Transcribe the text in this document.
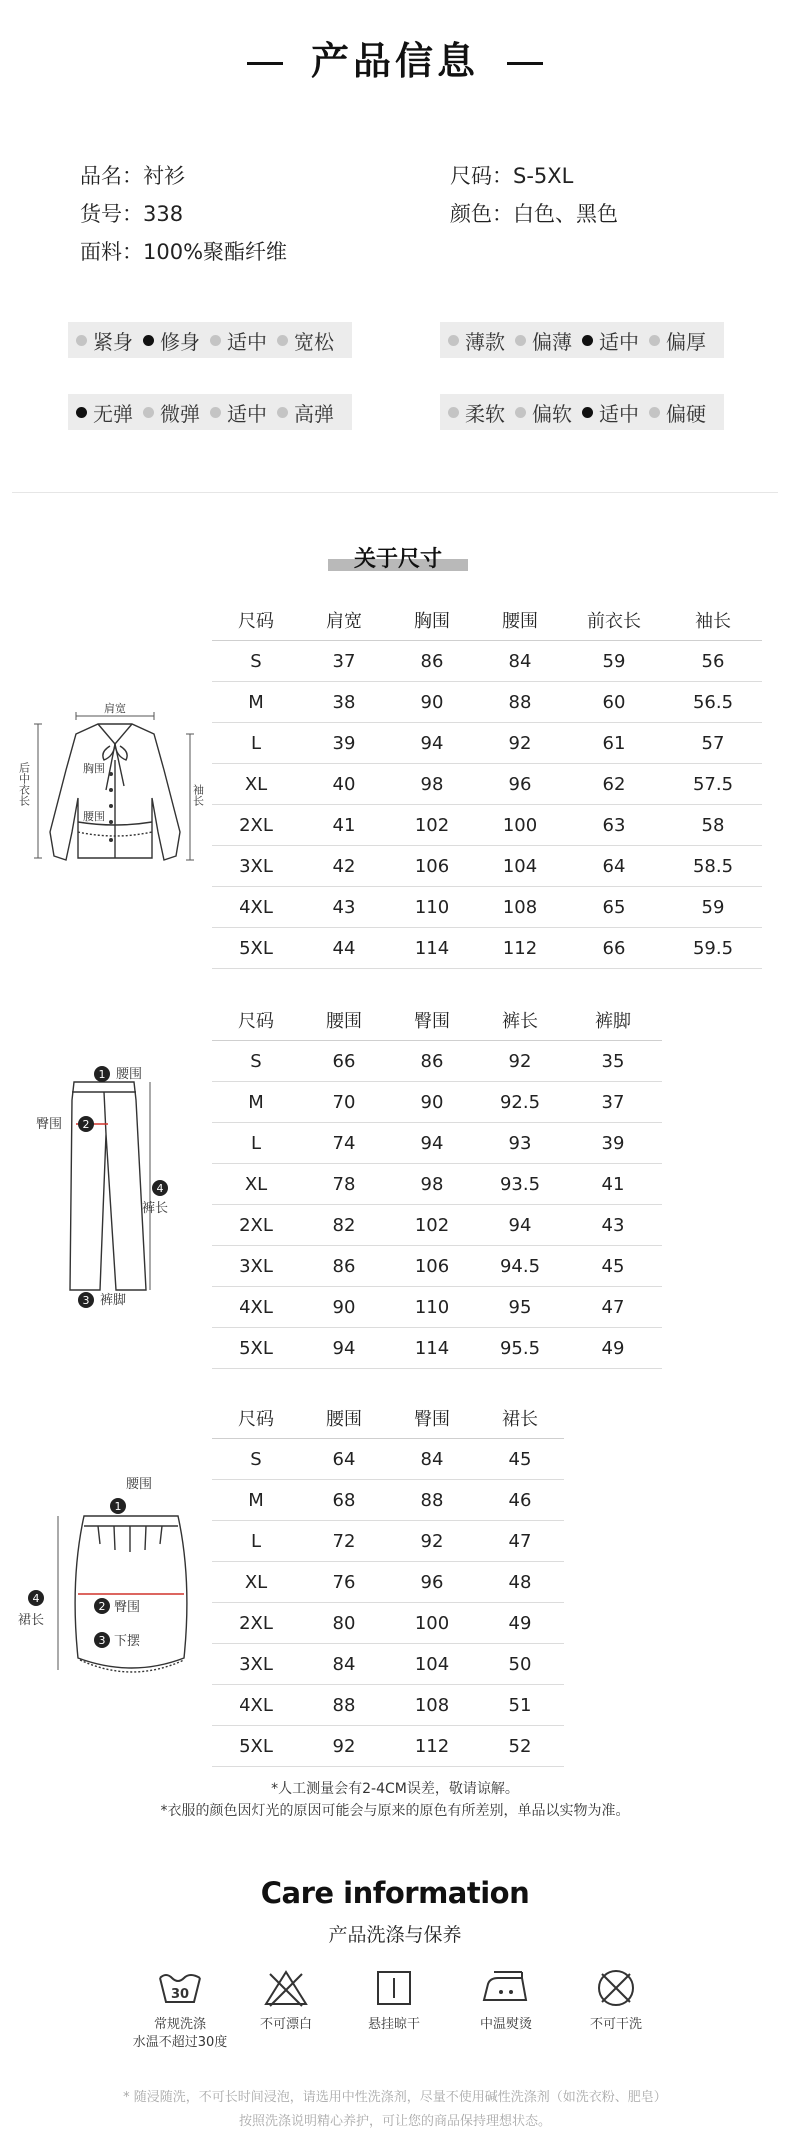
产品信息
品名：衬衫
货号：338
面料：100%聚酯纤维
尺码：S-5XL
颜色：白色、黑色
紧身 修身 适中 宽松	薄款 偏薄 适中 偏厚
无弹 微弹 适中 高弹	柔软 偏软 适中 偏硬
关于尺寸
肩宽
胸围
腰围
后中衣长	袖长
尺码	肩宽	胸围	腰围	前衣长	袖长
S	37	86	84	59	56
M	38	90	88	60	56.5
L	39	94	92	61	57
XL	40	98	96	62	57.5
2XL	41	102	100	63	58
3XL	42	106	104	64	58.5
4XL	43	110	108	65	59
5XL	44	114	112	66	59.5
1
2
3
4
腰围
臀围
裤脚
裤长
尺码	腰围	臀围	裤长	裤脚
S	66	86	92	35
M	70	90	92.5	37
L	74	94	93	39
XL	78	98	93.5	41
2XL	82	102	94	43
3XL	86	106	94.5	45
4XL	90	110	95	47
5XL	94	114	95.5	49
1
2
3
4
腰围
臀围
下摆
裙长
尺码	腰围	臀围	裙长
S	64	84	45
M	68	88	46
L	72	92	47
XL	76	96	48
2XL	80	100	49
3XL	84	104	50
4XL	88	108	51
5XL	92	112	52
*人工测量会有2-4CM误差，敬请谅解。
*衣服的颜色因灯光的原因可能会与原来的原色有所差别，单品以实物为准。
Care information
产品洗涤与保养
30
常规洗涤
水温不超过30度
不可漂白	悬挂晾干	中温熨烫	不可干洗
* 随浸随洗，不可长时间浸泡，请选用中性洗涤剂，尽量不使用碱性洗涤剂（如洗衣粉、肥皂）
按照洗涤说明精心养护，可让您的商品保持理想状态。
